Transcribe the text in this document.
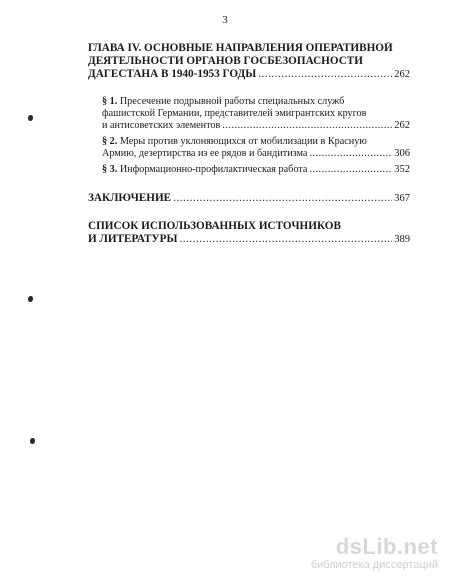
3
ГЛАВА IV. ОСНОВНЫЕ НАПРАВЛЕНИЯ ОПЕРАТИВНОЙ
ДЕЯТЕЛЬНОСТИ ОРГАНОВ ГОСБЕЗОПАСНОСТИ
ДАГЕСТАНА В 1940-1953 ГОДЫ .....	262
§ 1. Пресечение подрывной работы специальных служб
фашистской Германии, представителей эмигрантских кругов
и антисоветских элементов .....	262
§ 2. Меры против уклоняющихся от мобилизации в Красную
Армию, дезертирства из ее рядов и бандитизма .....	306
§ 3. Информационно-профилактическая работа .....	352
ЗАКЛЮЧЕНИЕ .....	367
СПИСОК ИСПОЛЬЗОВАННЫХ ИСТОЧНИКОВ
И ЛИТЕРАТУРЫ .....	389
dsLib.net
библиотека диссертаций
